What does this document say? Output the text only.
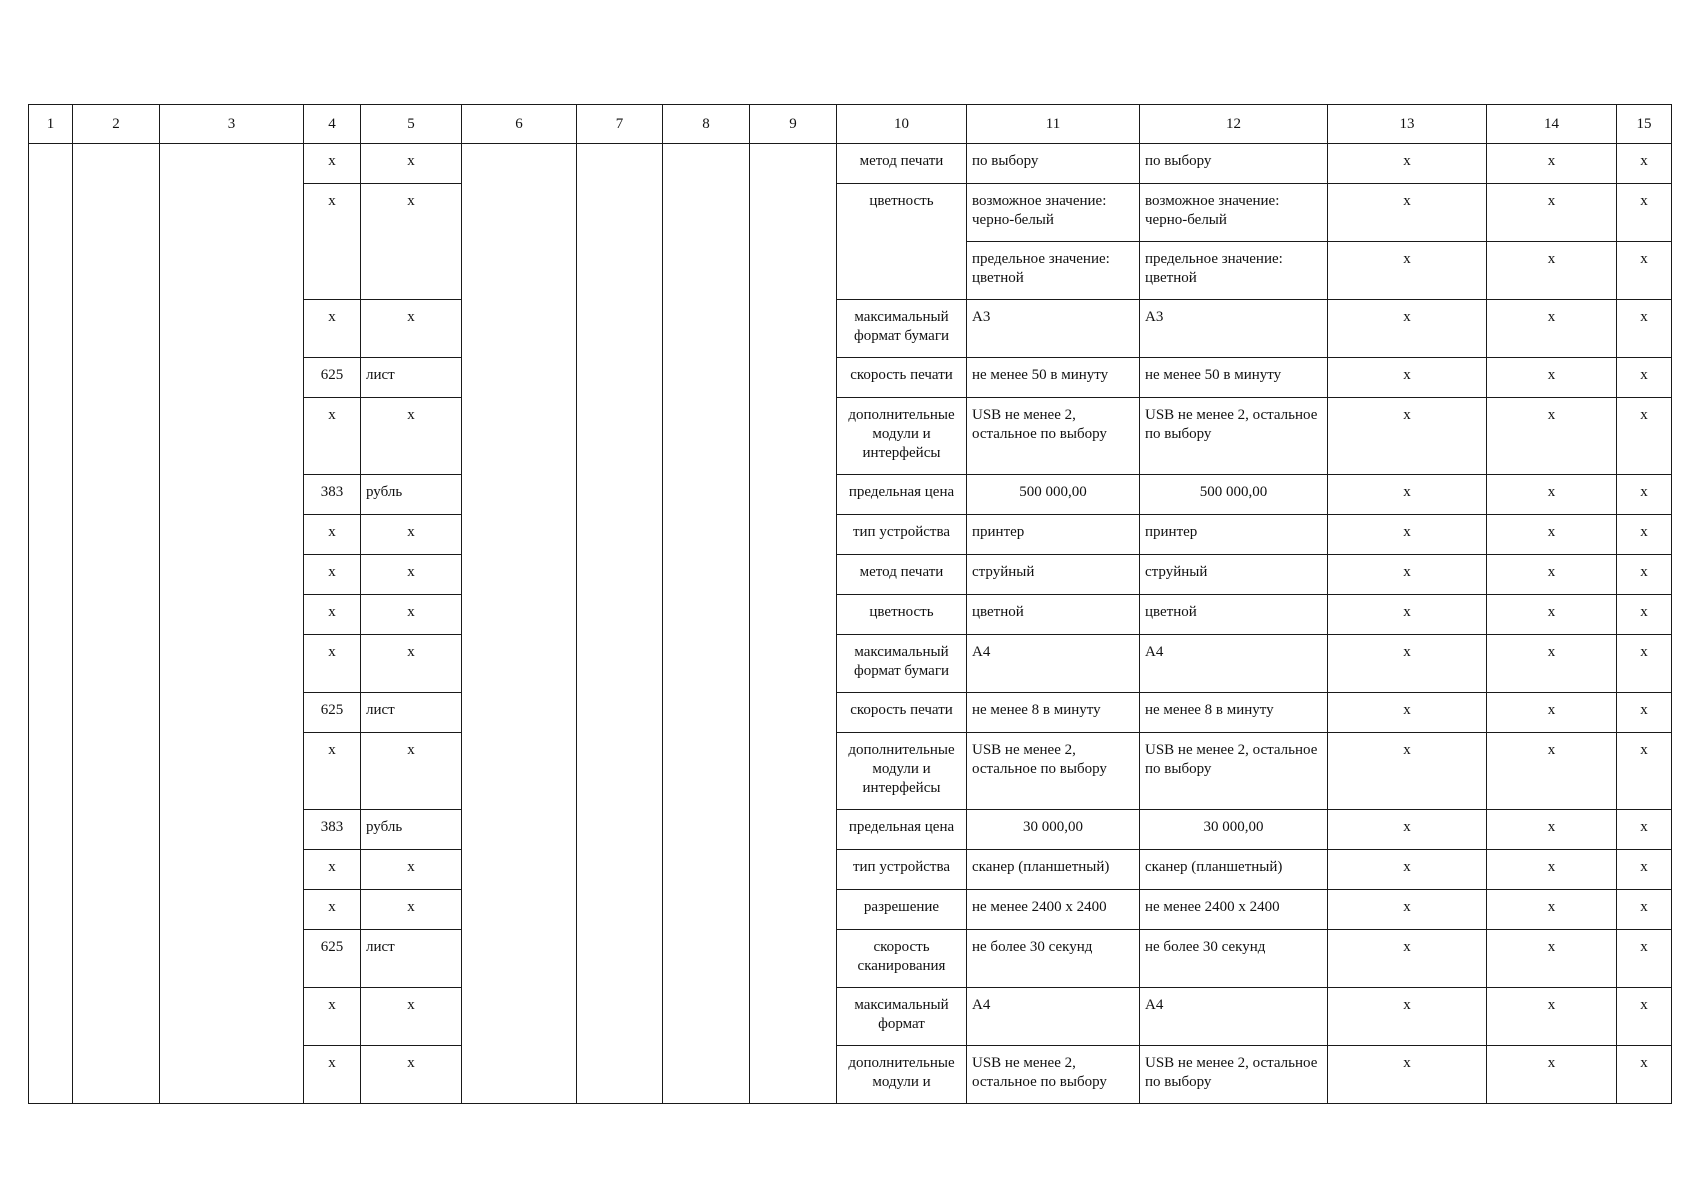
1	2	3	4	5	6	7	8	9	10	11	12	13	14	15
			x	x					метод печати	по выбору	по выбору	x	x	x
			x	x					цветность	возможное значение: черно-белый	возможное значение: черно-белый	x	x	x
										предельное значение: цветной	предельное значение: цветной	x	x	x
			x	x					максимальный формат бумаги	А3	А3	x	x	x
			625	лист					скорость печати	не менее 50 в минуту	не менее 50 в минуту	x	x	x
			x	x					дополнительные модули и интерфейсы	USB не менее 2, остальное по выбору	USB не менее 2, остальное по выбору	x	x	x
			383	рубль					предельная цена	500 000,00	500 000,00	x	x	x
			x	x					тип устройства	принтер	принтер	x	x	x
			x	x					метод печати	струйный	струйный	x	x	x
			x	x					цветность	цветной	цветной	x	x	x
			x	x					максимальный формат бумаги	А4	А4	x	x	x
			625	лист					скорость печати	не менее 8 в минуту	не менее 8 в минуту	x	x	x
			x	x					дополнительные модули и интерфейсы	USB не менее 2, остальное по выбору	USB не менее 2, остальное по выбору	x	x	x
			383	рубль					предельная цена	30 000,00	30 000,00	x	x	x
			x	x					тип устройства	сканер (планшетный)	сканер (планшетный)	x	x	x
			x	x					разрешение	не менее 2400 x 2400	не менее 2400 x 2400	x	x	x
			625	лист					скорость сканирования	не более 30 секунд	не более 30 секунд	x	x	x
			x	x					максимальный формат	А4	А4	x	x	x
			x	x					дополнительные модули и	USB не менее 2, остальное по выбору	USB не менее 2, остальное по выбору	x	x	x
